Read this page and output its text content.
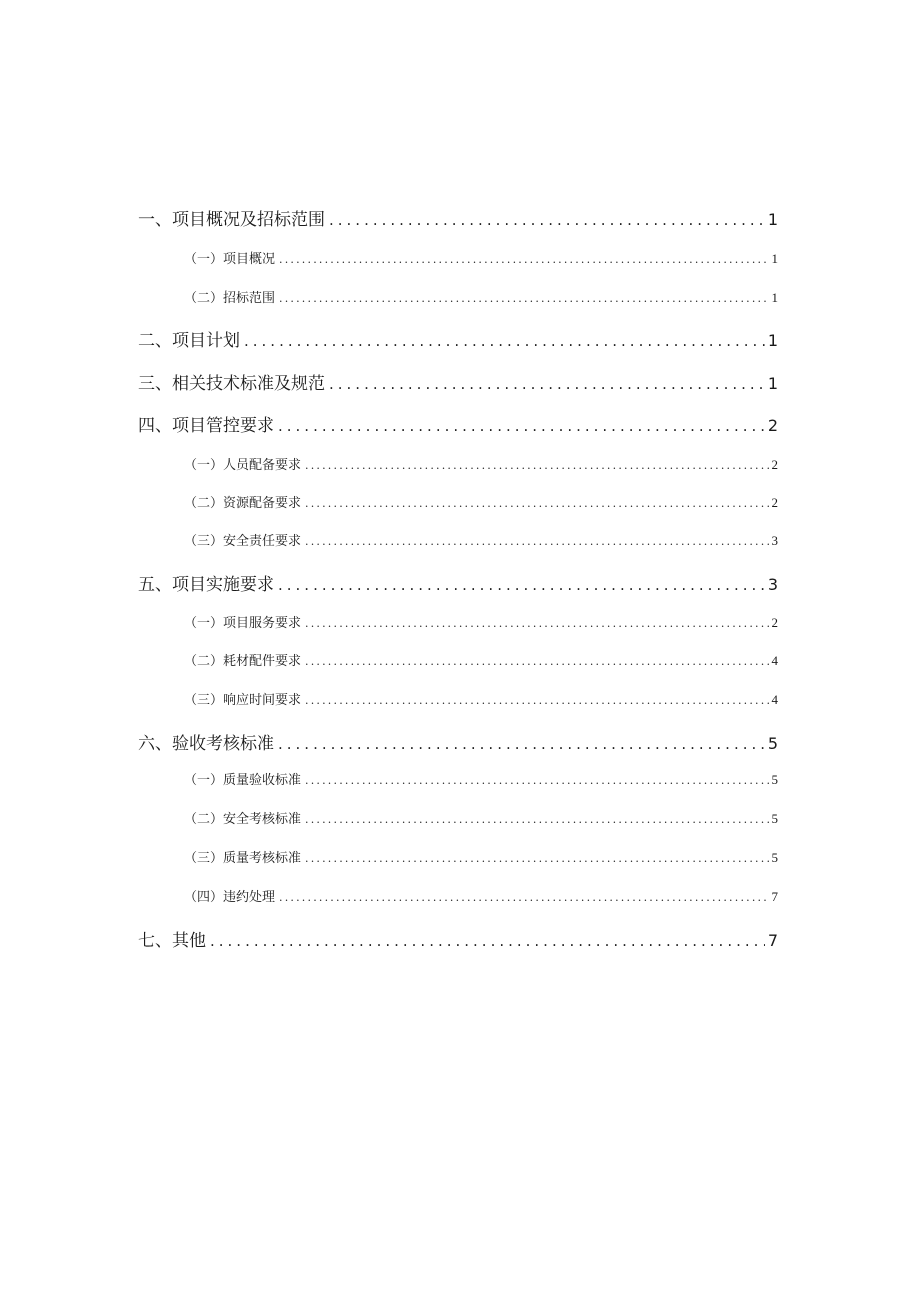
一、项目概况及招标范围 .....	1
（一）项目概况 .....	1
（二）招标范围 .....	1
二、项目计划 .....	1
三、相关技术标准及规范 .....	1
四、项目管控要求 .....	2
（一）人员配备要求 .....	2
（二）资源配备要求 .....	2
（三）安全责任要求 .....	3
五、项目实施要求 .....	3
（一）项目服务要求 .....	2
（二）耗材配件要求 .....	4
（三）响应时间要求 .....	4
六、验收考核标准 .....	5
（一）质量验收标准 .....	5
（二）安全考核标准 .....	5
（三）质量考核标准 .....	5
（四）违约处理 .....	7
七、其他 .....	7
